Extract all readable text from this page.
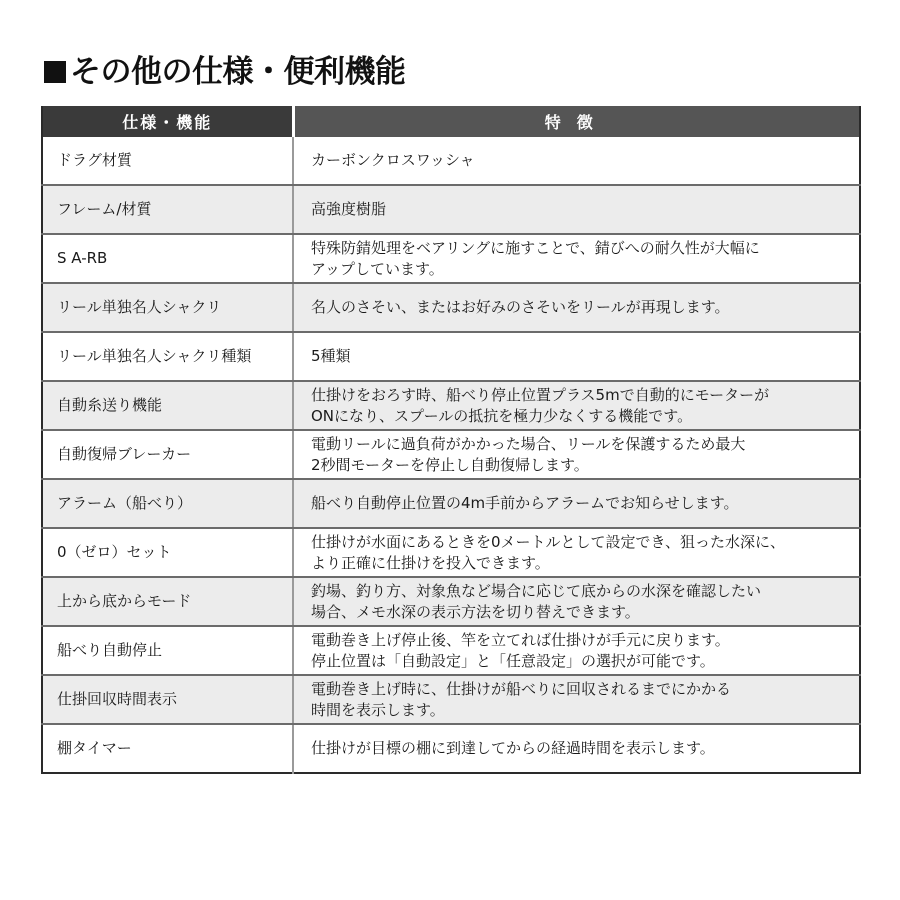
その他の仕様・便利機能
仕様・機能	特徴
ドラグ材質	カーボンクロスワッシャ

フレーム/材質	高強度樹脂

S A-RB	特殊防錆処理をベアリングに施すことで、錆びへの耐久性が大幅に
アップしています。

リール単独名人シャクリ	名人のさそい、またはお好みのさそいをリールが再現します。

リール単独名人シャクリ種類	5種類

自動糸送り機能	仕掛けをおろす時、船べり停止位置プラス5mで自動的にモーターが
ONになり、スプールの抵抗を極力少なくする機能です。

自動復帰ブレーカー	電動リールに過負荷がかかった場合、リールを保護するため最大
2秒間モーターを停止し自動復帰します。

アラーム（船べり）	船べり自動停止位置の4m手前からアラームでお知らせします。

0（ゼロ）セット	仕掛けが水面にあるときを0メートルとして設定でき、狙った水深に、
より正確に仕掛けを投入できます。

上から底からモード	釣場、釣り方、対象魚など場合に応じて底からの水深を確認したい
場合、メモ水深の表示方法を切り替えできます。

船べり自動停止	電動巻き上げ停止後、竿を立てれば仕掛けが手元に戻ります。
停止位置は「自動設定」と「任意設定」の選択が可能です。

仕掛回収時間表示	電動巻き上げ時に、仕掛けが船べりに回収されるまでにかかる
時間を表示します。

棚タイマー	仕掛けが目標の棚に到達してからの経過時間を表示します。
